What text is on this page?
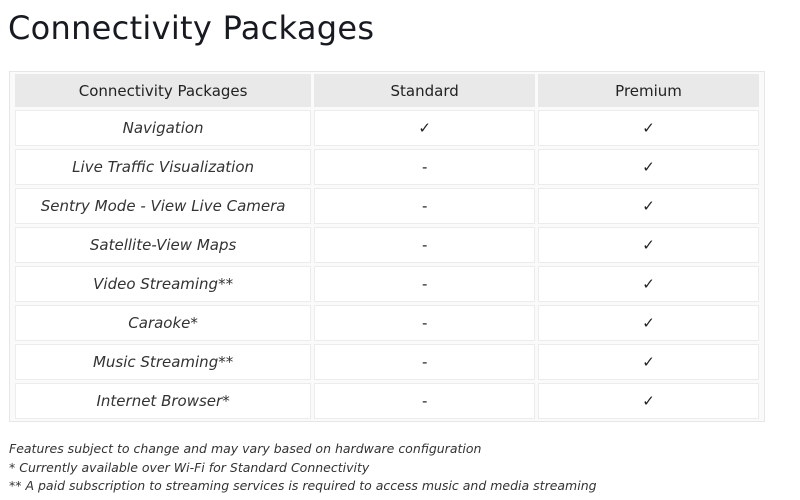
Connectivity Packages
Connectivity Packages	Standard	Premium
Navigation	✓	✓
Live Traffic Visualization	-	✓
Sentry Mode - View Live Camera	-	✓
Satellite-View Maps	-	✓
Video Streaming**	-	✓
Caraoke*	-	✓
Music Streaming**	-	✓
Internet Browser*	-	✓

Features subject to change and may vary based on hardware configuration

* Currently available over Wi-Fi for Standard Connectivity

** A paid subscription to streaming services is required to access music and media streaming
